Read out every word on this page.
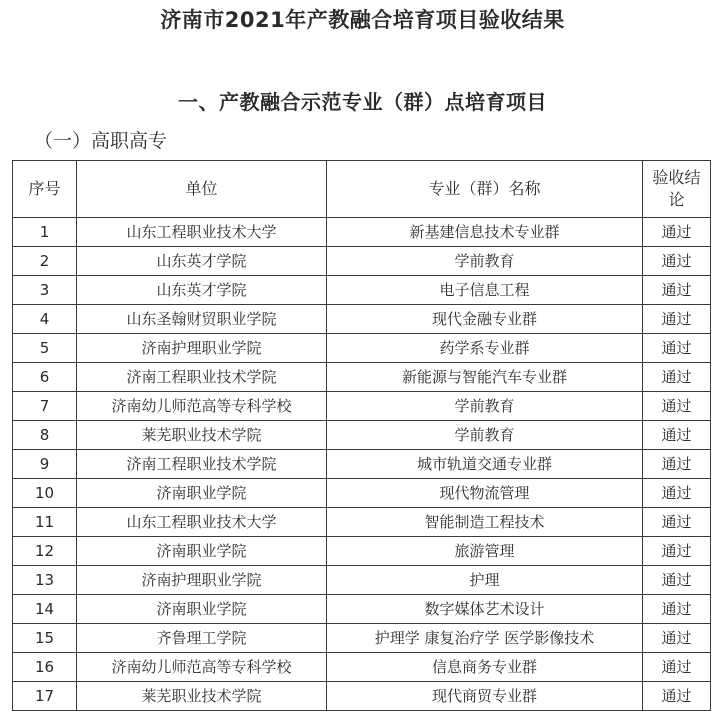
济南市2021年产教融合培育项目验收结果
一、产教融合示范专业（群）点培育项目
（一）高职高专
序号	单位	专业（群）名称	验收结论
1	山东工程职业技术大学	新基建信息技术专业群	通过
2	山东英才学院	学前教育	通过
3	山东英才学院	电子信息工程	通过
4	山东圣翰财贸职业学院	现代金融专业群	通过
5	济南护理职业学院	药学系专业群	通过
6	济南工程职业技术学院	新能源与智能汽车专业群	通过
7	济南幼儿师范高等专科学校	学前教育	通过
8	莱芜职业技术学院	学前教育	通过
9	济南工程职业技术学院	城市轨道交通专业群	通过
10	济南职业学院	现代物流管理	通过
11	山东工程职业技术大学	智能制造工程技术	通过
12	济南职业学院	旅游管理	通过
13	济南护理职业学院	护理	通过
14	济南职业学院	数字媒体艺术设计	通过
15	齐鲁理工学院	护理学 康复治疗学 医学影像技术	通过
16	济南幼儿师范高等专科学校	信息商务专业群	通过
17	莱芜职业技术学院	现代商贸专业群	通过
